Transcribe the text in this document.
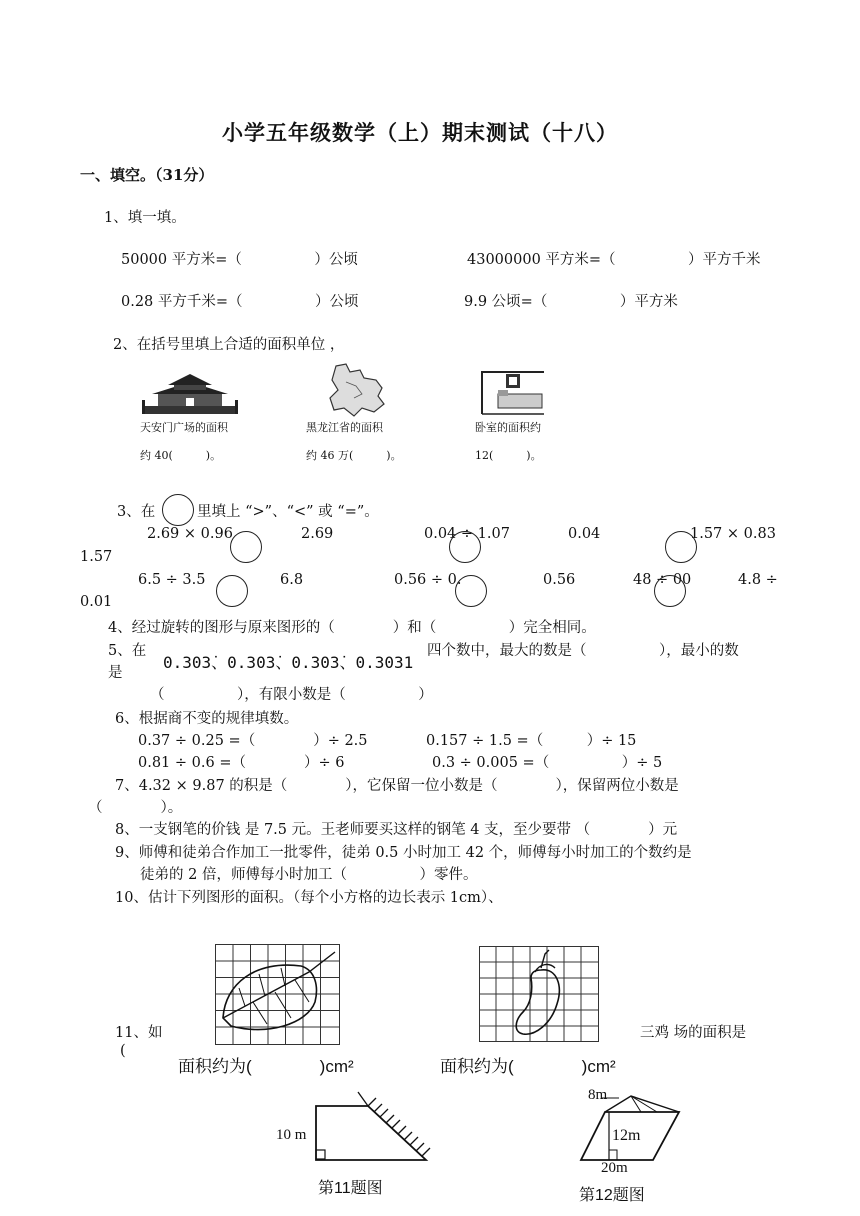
小学五年级数学（上）期末测试（十八）
一、填空。（31分）
1、填一填。
50000 平方米=（　　　　　）公顷	43000000 平方米=（　　　　　）平方千米
0.28 平方千米=（　　　　　）公顷	9.9 公顷=（　　　　　）平方米
2、在括号里填上合适的面积单位 ，
天安门广场的面积
约 40(　　　)。
黑龙江省的面积
约 46 万(　　　)。
卧室的面积约
12(　　　)。
3、在	里填上 “>”、“<” 或 “=”。
2.69 × 0.96	2.69	0.04 ÷ 1.07	0.04	1.57 × 0.83
1.57
6.5 ÷ 3.5	6.8	0.56 ÷ 0.	0.56	48 ÷ 00	4.8 ÷
0.01
4、经过旋转的图形与原来图形的（　　　　）和（　　　　　）完全相同。
5、在
0.303̇、0.303̇、0.303̇、0.3031
四个数中，最大的数是（　　　　　），最小的数
是
（　　　　　），有限小数是（　　　　　）
6、根据商不变的规律填数。
0.37 ÷ 0.25 =（　　　　）÷ 2.5	0.157 ÷ 1.5 =（　　　）÷ 15
0.81 ÷ 0.6 =（　　　　）÷ 6	0.3 ÷ 0.005 =（　　　　　）÷ 5
7、4.32 × 9.87 的积是（　　　　），它保留一位小数是（　　　　），保留两位小数是
（　　　　）。
8、一支钢笔的价钱 是 7.5 元。王老师要买这样的钢笔 4 支，至少要带 （　　　　）元
9、师傅和徒弟合作加工一批零件，徒弟 0.5 小时加工 42 个，师傅每小时加工的个数约是
徒弟的 2 倍，师傅每小时加工（　　　　　）零件。
10、估计下列图形的面积。（每个小方格的边长表示 1cm）、
11、如
(
三鸡 场的面积是
面积约为(　　　　)cm²	面积约为(　　　　)cm²
10 m
第11题图
8m
12m
20m
第12题图
